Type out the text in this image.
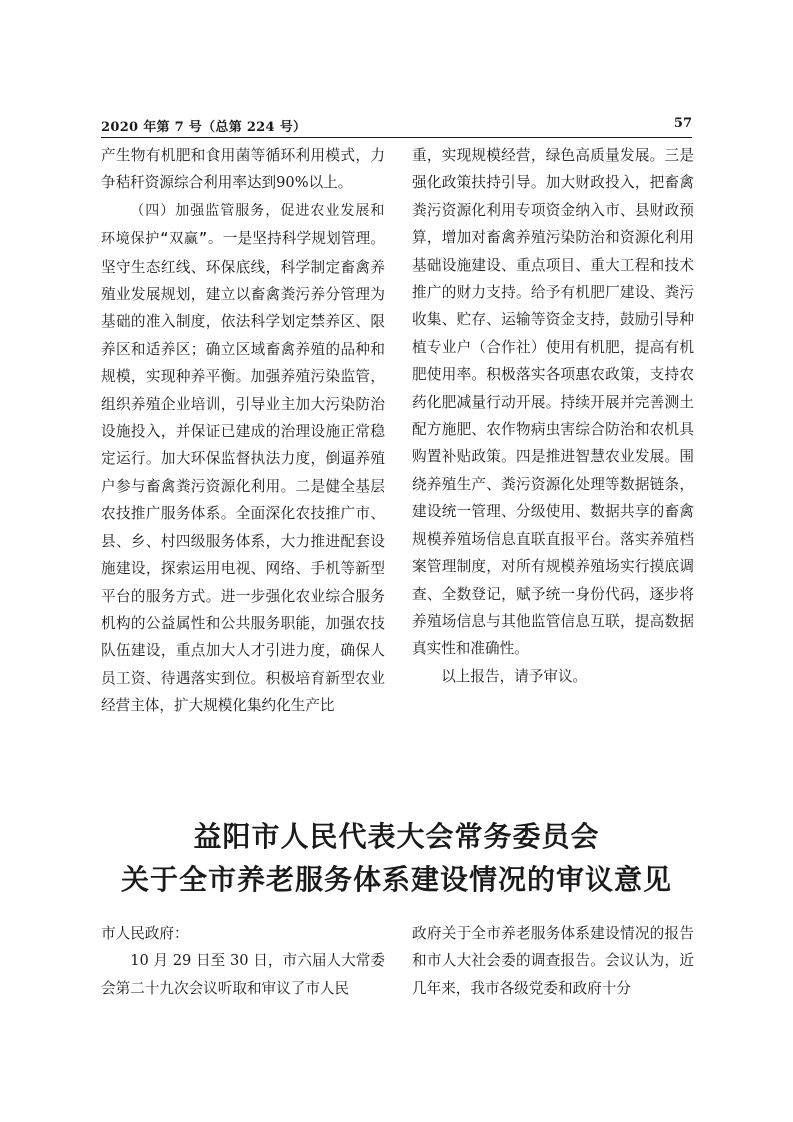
2020 年第 7 号（总第 224 号）	57

产生物有机肥和食用菌等循环利用模式，力争秸秆资源综合利用率达到90%以上。

（四）加强监管服务，促进农业发展和环境保护“双赢”。一是坚持科学规划管理。坚守生态红线、环保底线，科学制定畜禽养殖业发展规划，建立以畜禽粪污养分管理为基础的准入制度，依法科学划定禁养区、限养区和适养区；确立区域畜禽养殖的品种和规模，实现种养平衡。加强养殖污染监管，组织养殖企业培训，引导业主加大污染防治设施投入，并保证已建成的治理设施正常稳定运行。加大环保监督执法力度，倒逼养殖户参与畜禽粪污资源化利用。二是健全基层农技推广服务体系。全面深化农技推广市、县、乡、村四级服务体系，大力推进配套设施建设，探索运用电视、网络、手机等新型平台的服务方式。进一步强化农业综合服务机构的公益属性和公共服务职能，加强农技队伍建设，重点加大人才引进力度，确保人员工资、待遇落实到位。积极培育新型农业经营主体，扩大规模化集约化生产比

重，实现规模经营，绿色高质量发展。三是强化政策扶持引导。加大财政投入，把畜禽粪污资源化利用专项资金纳入市、县财政预算，增加对畜禽养殖污染防治和资源化利用基础设施建设、重点项目、重大工程和技术推广的财力支持。给予有机肥厂建设、粪污收集、贮存、运输等资金支持，鼓励引导种植专业户（合作社）使用有机肥，提高有机肥使用率。积极落实各项惠农政策，支持农药化肥减量行动开展。持续开展并完善测土配方施肥、农作物病虫害综合防治和农机具购置补贴政策。四是推进智慧农业发展。围绕养殖生产、粪污资源化处理等数据链条，建设统一管理、分级使用、数据共享的畜禽规模养殖场信息直联直报平台。落实养殖档案管理制度，对所有规模养殖场实行摸底调查、全数登记，赋予统一身份代码，逐步将养殖场信息与其他监管信息互联，提高数据真实性和准确性。

以上报告，请予审议。

益阳市人民代表大会常务委员会
关于全市养老服务体系建设情况的审议意见

市人民政府：

10 月 29 日至 30 日，市六届人大常委会第二十九次会议听取和审议了市人民

政府关于全市养老服务体系建设情况的报告和市人大社会委的调查报告。会议认为，近几年来，我市各级党委和政府十分
